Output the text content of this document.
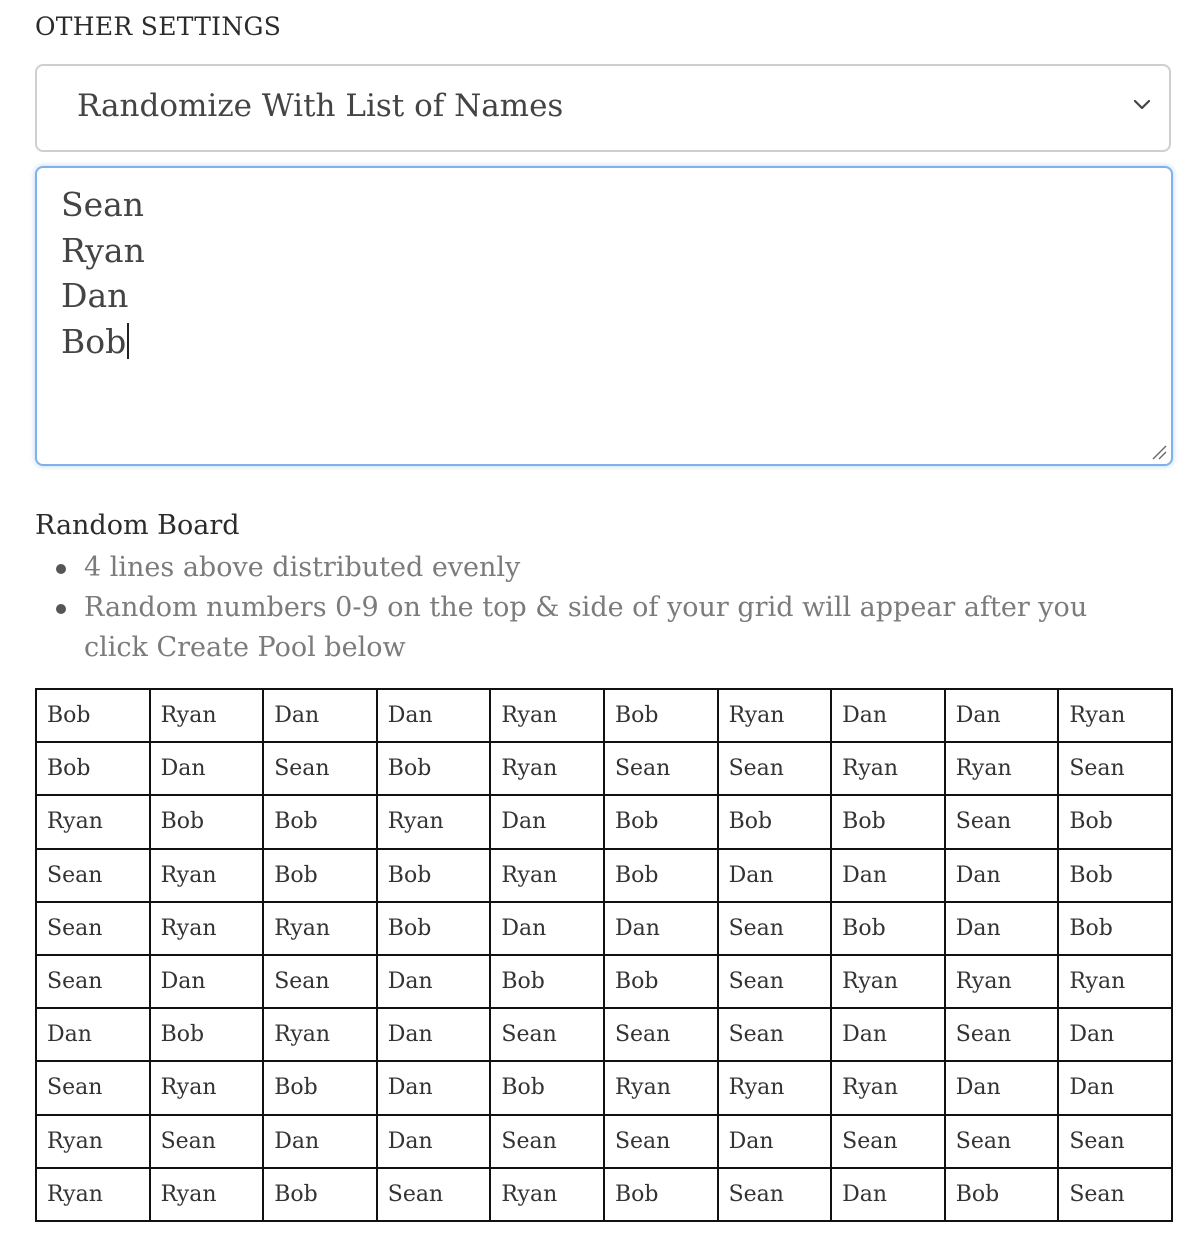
OTHER SETTINGS
Randomize With List of Names
Sean
Ryan
Dan
Bob
Random Board
4 lines above distributed evenly
Random numbers 0-9 on the top & side of your grid will appear after you click Create Pool below
Bob	Ryan	Dan	Dan	Ryan	Bob	Ryan	Dan	Dan	Ryan
Bob	Dan	Sean	Bob	Ryan	Sean	Sean	Ryan	Ryan	Sean
Ryan	Bob	Bob	Ryan	Dan	Bob	Bob	Bob	Sean	Bob
Sean	Ryan	Bob	Bob	Ryan	Bob	Dan	Dan	Dan	Bob
Sean	Ryan	Ryan	Bob	Dan	Dan	Sean	Bob	Dan	Bob
Sean	Dan	Sean	Dan	Bob	Bob	Sean	Ryan	Ryan	Ryan
Dan	Bob	Ryan	Dan	Sean	Sean	Sean	Dan	Sean	Dan
Sean	Ryan	Bob	Dan	Bob	Ryan	Ryan	Ryan	Dan	Dan
Ryan	Sean	Dan	Dan	Sean	Sean	Dan	Sean	Sean	Sean
Ryan	Ryan	Bob	Sean	Ryan	Bob	Sean	Dan	Bob	Sean
